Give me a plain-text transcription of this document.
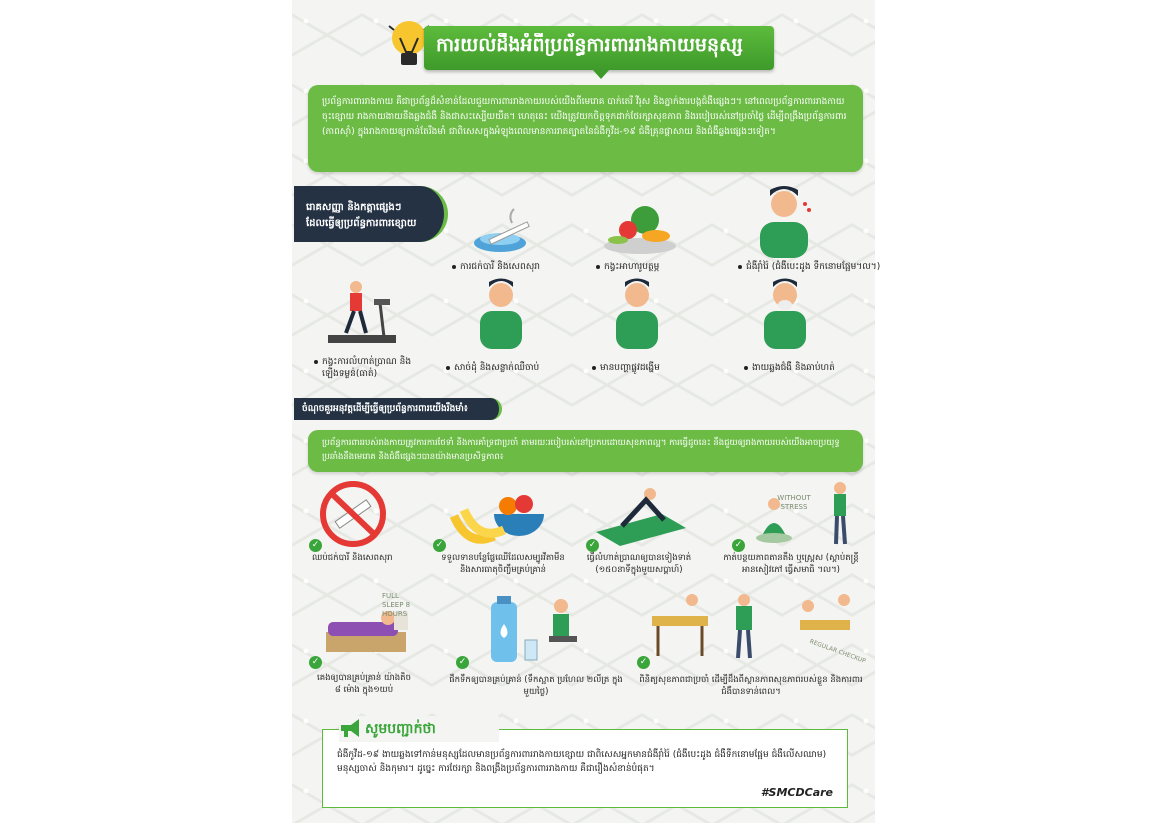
ការយល់ដឹងអំពីប្រព័ន្ធការពាររាងកាយមនុស្ស

ប្រព័ន្ធការពាររាងកាយ គឺជាប្រព័ន្ធដ៏សំខាន់ដែលជួយការពាររាងកាយរបស់យើងពីមេរោគ បាក់តេរី វីរុស និងភ្នាក់ងារបង្កជំងឺផ្សេងៗ។ នៅពេលប្រព័ន្ធការពាររាងកាយចុះខ្សោយ រាងកាយងាយនឹងឆ្លងជំងឺ និងជាសះស្បើយយឺត។ ហេតុនេះ យើងត្រូវយកចិត្តទុកដាក់ថែរក្សាសុខភាព និងរបៀបរស់នៅប្រចាំថ្ងៃ ដើម្បីពង្រឹងប្រព័ន្ធការពារ (ភាពស៊ាំ) ក្នុងរាងកាយឲ្យកាន់តែរឹងមាំ ជាពិសេសក្នុងអំឡុងពេលមានការរាតត្បាតនៃជំងឺកូវីដ-១៩ ជំងឺគ្រុនផ្តាសាយ និងជំងឺឆ្លងផ្សេងៗទៀត។

រោគសញ្ញា និងកត្តាផ្សេងៗ
ដែលធ្វើឲ្យប្រព័ន្ធការពារខ្សោយ
ការជក់បារី និងសេពសុរា	កង្វះអាហារូបត្ថម្ភ	ជំងឺរ៉ាំរ៉ៃ (ជំងឺបេះដូង ទឹកនោមផ្អែម។ល។)
កង្វះការលំហាត់ប្រាណ និងឡើងទម្ងន់(ធាត់)
សាច់ដុំ និងសន្លាក់ឈឺចាប់	មានបញ្ហាផ្លូវដង្ហើម	ងាយឆ្លងជំងឺ និងឆាប់ហត់
ចំណុចគួរអនុវត្តដើម្បីធ្វើឲ្យប្រព័ន្ធការពារយើងរឹងមាំ៖

ប្រព័ន្ធការពាររបស់រាងកាយត្រូវការការថែទាំ និងការគាំទ្រជាប្រចាំ តាមរយៈរបៀបរស់នៅប្រកបដោយសុខភាពល្អ។ ការធ្វើដូចនេះ នឹងជួយឲ្យរាងកាយរបស់យើងអាចប្រយុទ្ធប្រឆាំងនឹងមេរោគ និងជំងឺផ្សេងៗបានយ៉ាងមានប្រសិទ្ធភាព៖

WITHOUT STRESS
✓
ឈប់ជក់បារី និងសេពសុរា
✓
ទទួលទានបន្លែផ្លែឈើដែលសម្បូរវីតាមីន និងសារធាតុចិញ្ចឹមគ្រប់គ្រាន់
✓
ធ្វើលំហាត់ប្រាណឲ្យបានទៀងទាត់ (១៥០នាទីក្នុងមួយសប្តាហ៍)
✓
កាត់បន្ថយភាពតានតឹង ឬស្ត្រេស (ស្តាប់តន្ត្រី អានសៀវភៅ ធ្វើសមាធិ ។ល។)
FULL SLEEP 8 HOURS
REGULAR CHECKUP
✓
គេងឲ្យបានគ្រប់គ្រាន់ យ៉ាងតិច ៨ ម៉ោង ក្នុង១យប់
✓
ផឹកទឹកឲ្យបានគ្រប់គ្រាន់ (ទឹកស្អាត ប្រហែល ២លីត្រ ក្នុងមួយថ្ងៃ)
✓
ពិនិត្យសុខភាពជាប្រចាំ ដើម្បីដឹងពីស្ថានភាពសុខភាពរបស់ខ្លួន និងការពារជំងឺបានទាន់ពេល។
ជំងឺកូវីដ-១៩ ងាយឆ្លងទៅកាន់មនុស្សដែលមានប្រព័ន្ធការពាររាងកាយខ្សោយ ជាពិសេសអ្នកមានជំងឺរ៉ាំរ៉ៃ (ជំងឺបេះដូង ជំងឺទឹកនោមផ្អែម ជំងឺលើសឈាម) មនុស្សចាស់ និងកុមារ។ ដូច្នេះ ការថែរក្សា និងពង្រឹងប្រព័ន្ធការពាររាងកាយ គឺជារឿងសំខាន់បំផុត។
#SMCDCare
សូមបញ្ជាក់ថា
